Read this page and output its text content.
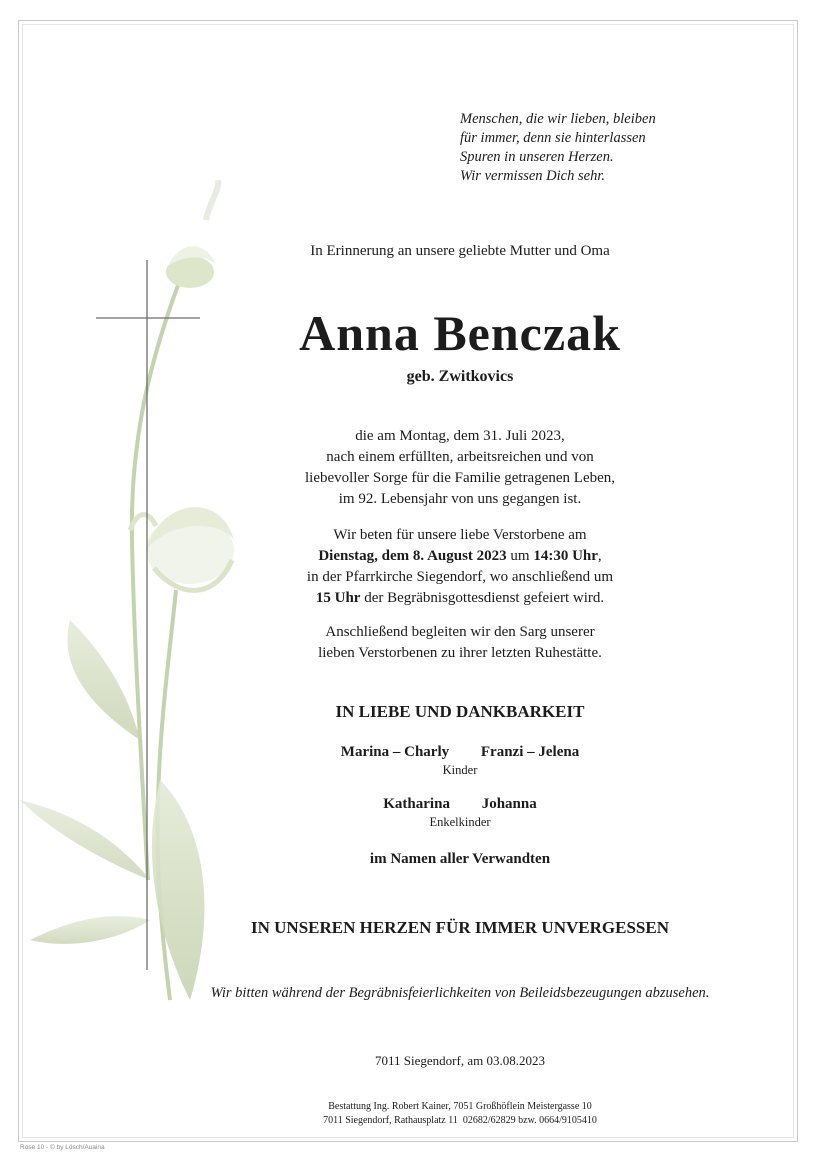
Menschen, die wir lieben, bleiben
für immer, denn sie hinterlassen
Spuren in unseren Herzen.
Wir vermissen Dich sehr.
In Erinnerung an unsere geliebte Mutter und Oma
Anna Benczak
geb. Zwitkovics
die am Montag, dem 31. Juli 2023,
nach einem erfüllten, arbeitsreichen und von
liebevoller Sorge für die Familie getragenen Leben,
im 92. Lebensjahr von uns gegangen ist.
Wir beten für unsere liebe Verstorbene am
Dienstag, dem 8. August 2023 um 14:30 Uhr,
in der Pfarrkirche Siegendorf, wo anschließend um
15 Uhr der Begräbnisgottesdienst gefeiert wird.
Anschließend begleiten wir den Sarg unserer
lieben Verstorbenen zu ihrer letzten Ruhestätte.
IN LIEBE UND DANKBARKEIT
Marina – Charly Franzi – Jelena
Kinder
Katharina Johanna
Enkelkinder
im Namen aller Verwandten
IN UNSEREN HERZEN FÜR IMMER UNVERGESSEN
Wir bitten während der Begräbnisfeierlichkeiten von Beileidsbezeugungen abzusehen.
7011 Siegendorf, am 03.08.2023
Bestattung Ing. Robert Kainer, 7051 Großhöflein Meistergasse 10
7011 Siegendorf, Rathausplatz 11  02682/62829 bzw. 0664/9105410
Rose 10 - © by Lösch/Auaina
